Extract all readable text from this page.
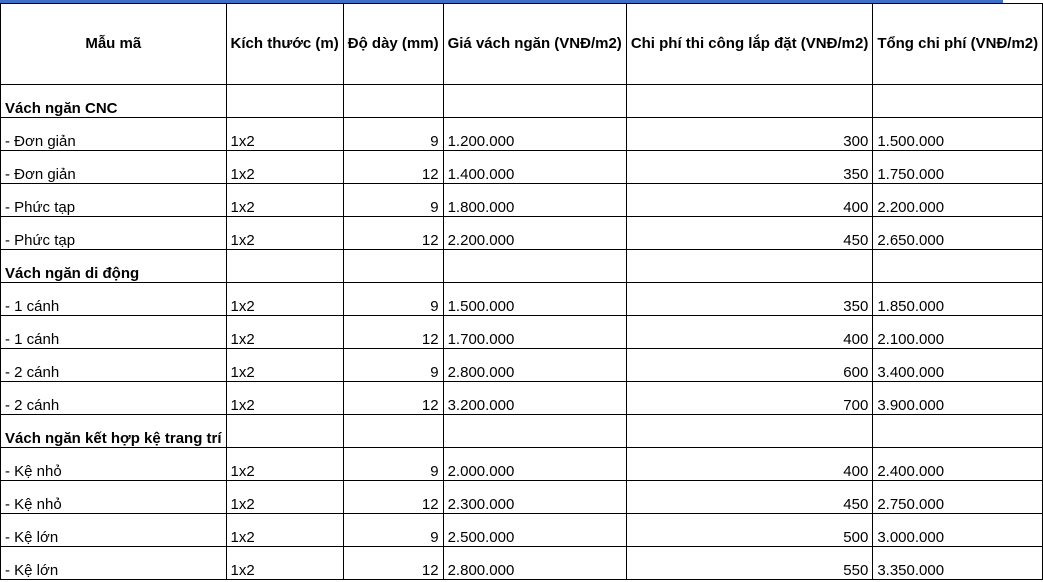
Mẫu mã	Kích thước (m)	Độ dày (mm)	Giá vách ngăn (VNĐ/m2)	Chi phí thi công lắp đặt (VNĐ/m2)	Tổng chi phí (VNĐ/m2)
Vách ngăn CNC					
- Đơn giản	1x2	9	1.200.000	300	1.500.000
- Đơn giản	1x2	12	1.400.000	350	1.750.000
- Phức tạp	1x2	9	1.800.000	400	2.200.000
- Phức tạp	1x2	12	2.200.000	450	2.650.000
Vách ngăn di động					
- 1 cánh	1x2	9	1.500.000	350	1.850.000
- 1 cánh	1x2	12	1.700.000	400	2.100.000
- 2 cánh	1x2	9	2.800.000	600	3.400.000
- 2 cánh	1x2	12	3.200.000	700	3.900.000
Vách ngăn kết hợp kệ trang trí					
- Kệ nhỏ	1x2	9	2.000.000	400	2.400.000
- Kệ nhỏ	1x2	12	2.300.000	450	2.750.000
- Kệ lớn	1x2	9	2.500.000	500	3.000.000
- Kệ lớn	1x2	12	2.800.000	550	3.350.000
